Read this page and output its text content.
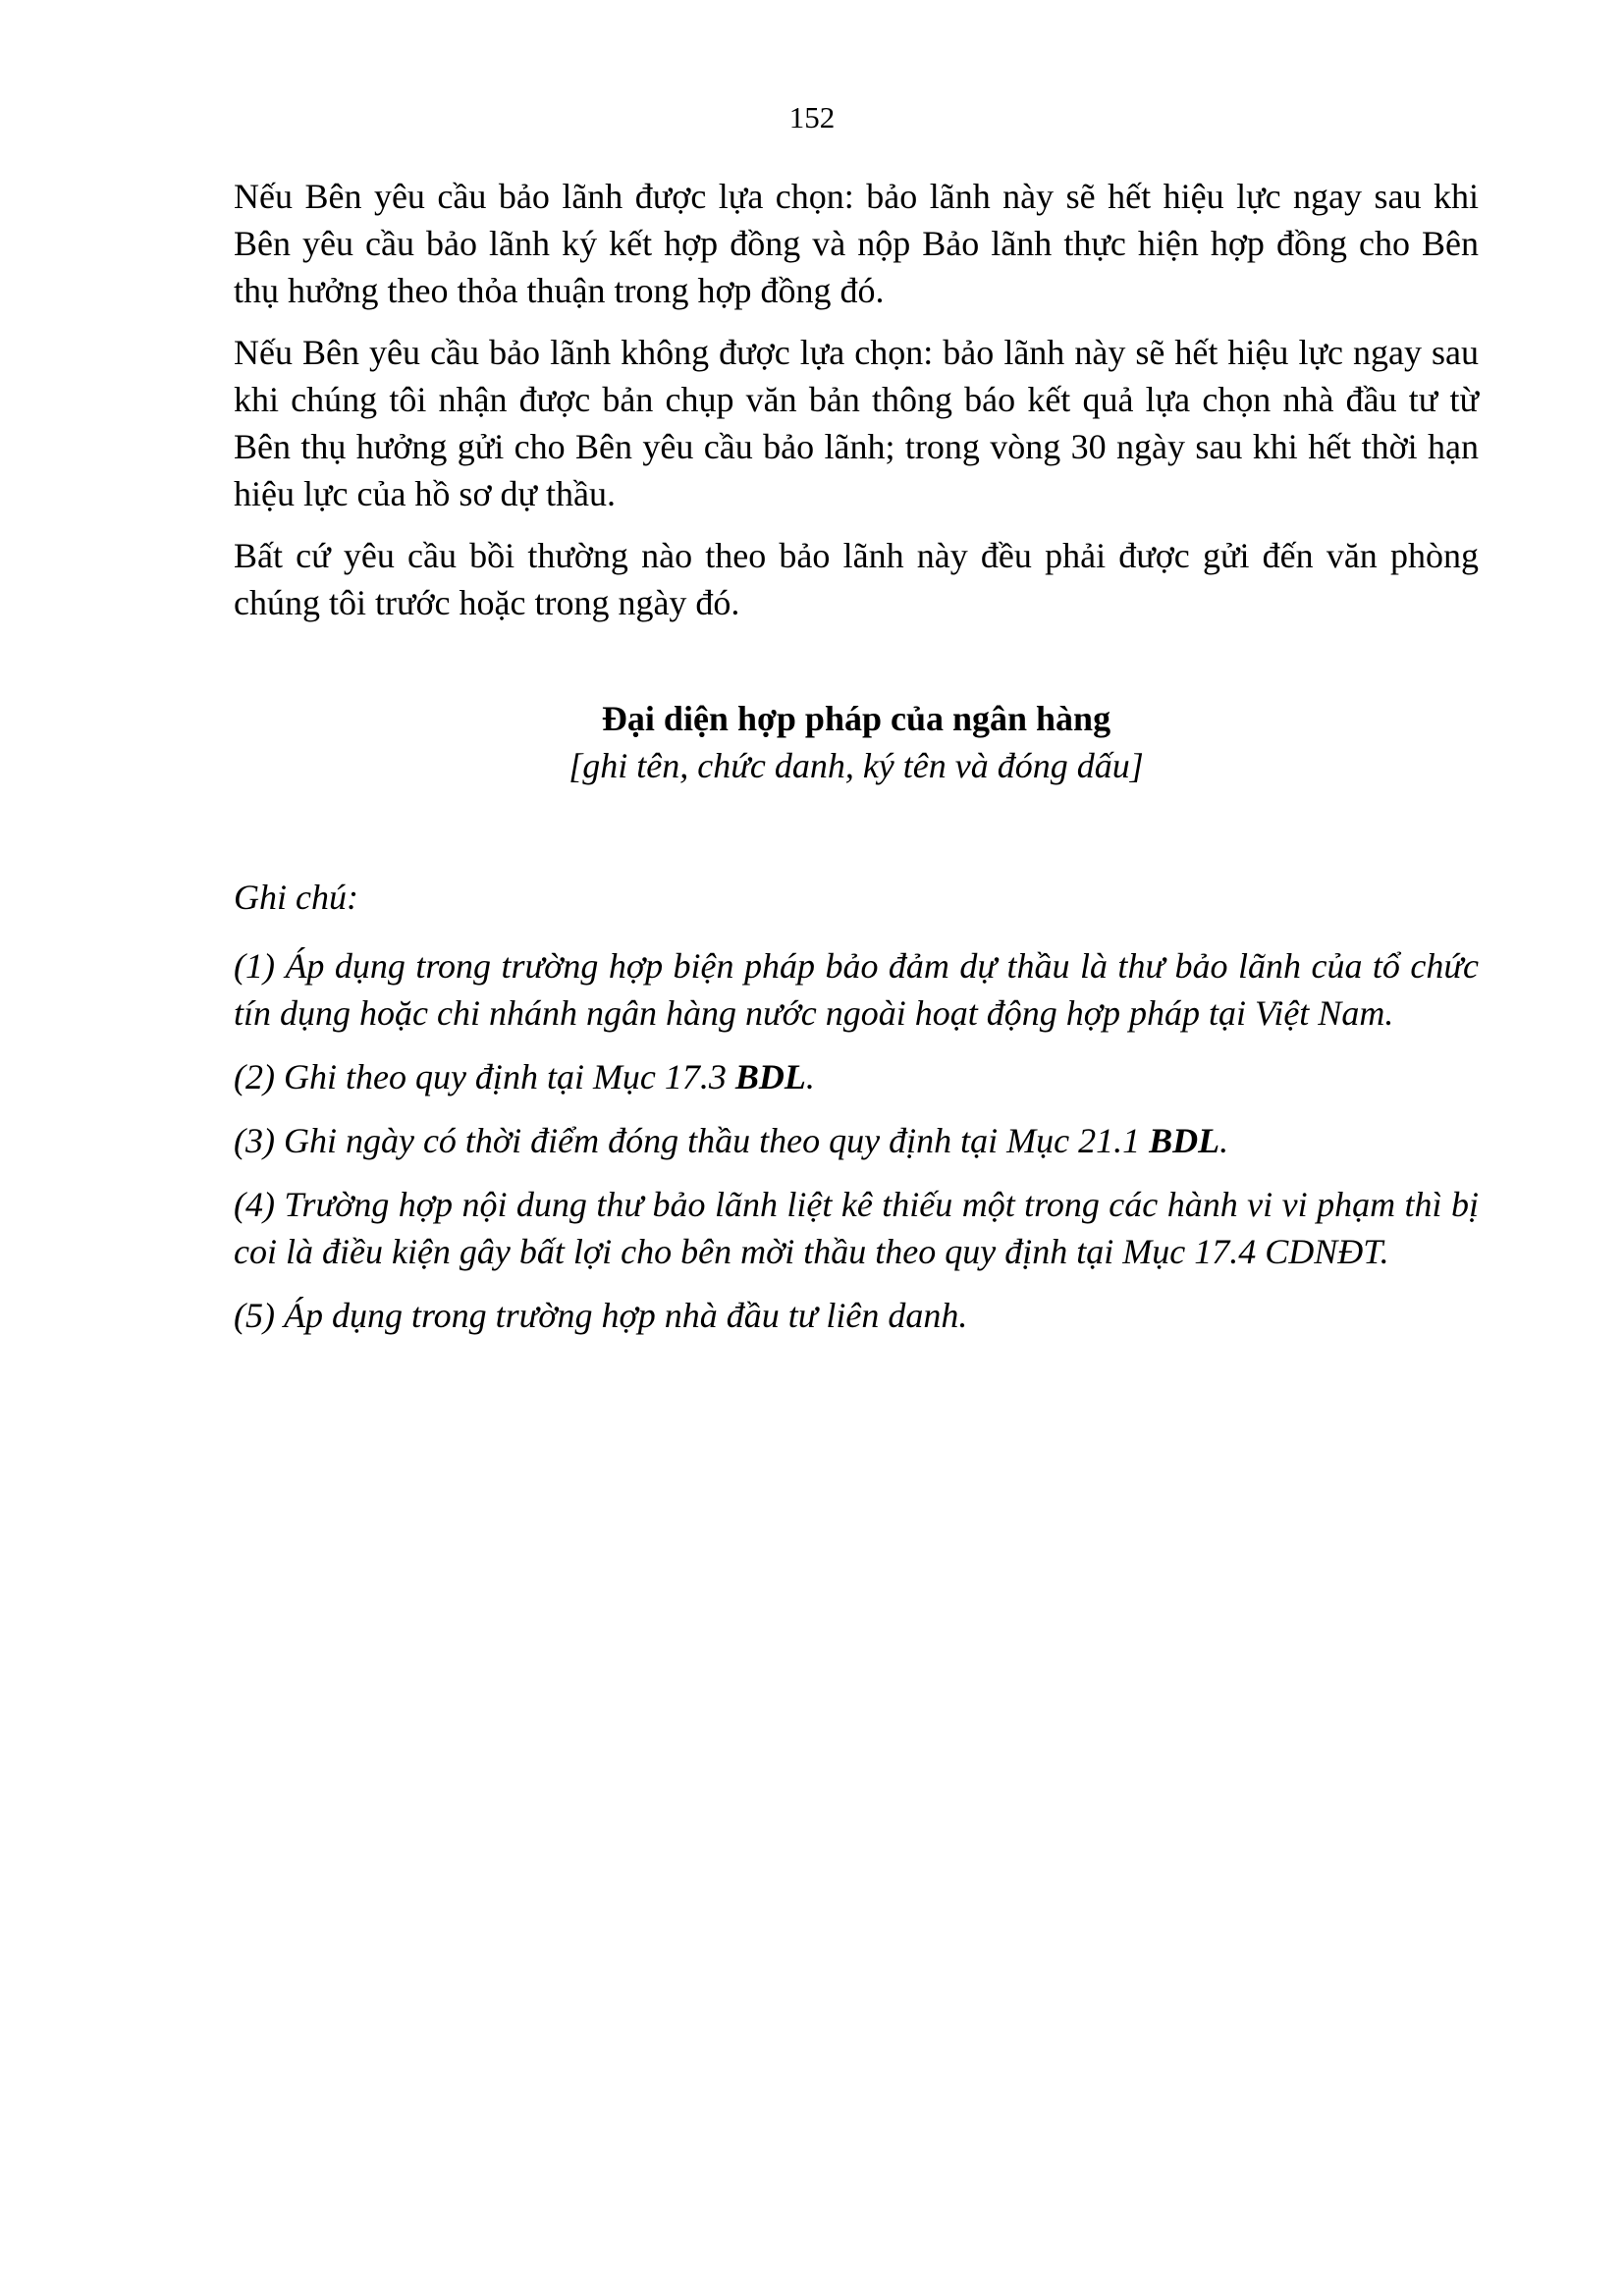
152

Nếu Bên yêu cầu bảo lãnh được lựa chọn: bảo lãnh này sẽ hết hiệu lực ngay sau khi Bên yêu cầu bảo lãnh ký kết hợp đồng và nộp Bảo lãnh thực hiện hợp đồng cho Bên thụ hưởng theo thỏa thuận trong hợp đồng đó.

Nếu Bên yêu cầu bảo lãnh không được lựa chọn: bảo lãnh này sẽ hết hiệu lực ngay sau khi chúng tôi nhận được bản chụp văn bản thông báo kết quả lựa chọn nhà đầu tư từ Bên thụ hưởng gửi cho Bên yêu cầu bảo lãnh; trong vòng 30 ngày sau khi hết thời hạn hiệu lực của hồ sơ dự thầu.

Bất cứ yêu cầu bồi thường nào theo bảo lãnh này đều phải được gửi đến văn phòng chúng tôi trước hoặc trong ngày đó.

Đại diện hợp pháp của ngân hàng
[ghi tên, chức danh, ký tên và đóng dấu]

Ghi chú:

(1) Áp dụng trong trường hợp biện pháp bảo đảm dự thầu là thư bảo lãnh của tổ chức tín dụng hoặc chi nhánh ngân hàng nước ngoài hoạt động hợp pháp tại Việt Nam.

(2) Ghi theo quy định tại Mục 17.3 BDL.

(3) Ghi ngày có thời điểm đóng thầu theo quy định tại Mục 21.1 BDL.

(4) Trường hợp nội dung thư bảo lãnh liệt kê thiếu một trong các hành vi vi phạm thì bị coi là điều kiện gây bất lợi cho bên mời thầu theo quy định tại Mục 17.4 CDNĐT.

(5) Áp dụng trong trường hợp nhà đầu tư liên danh.
